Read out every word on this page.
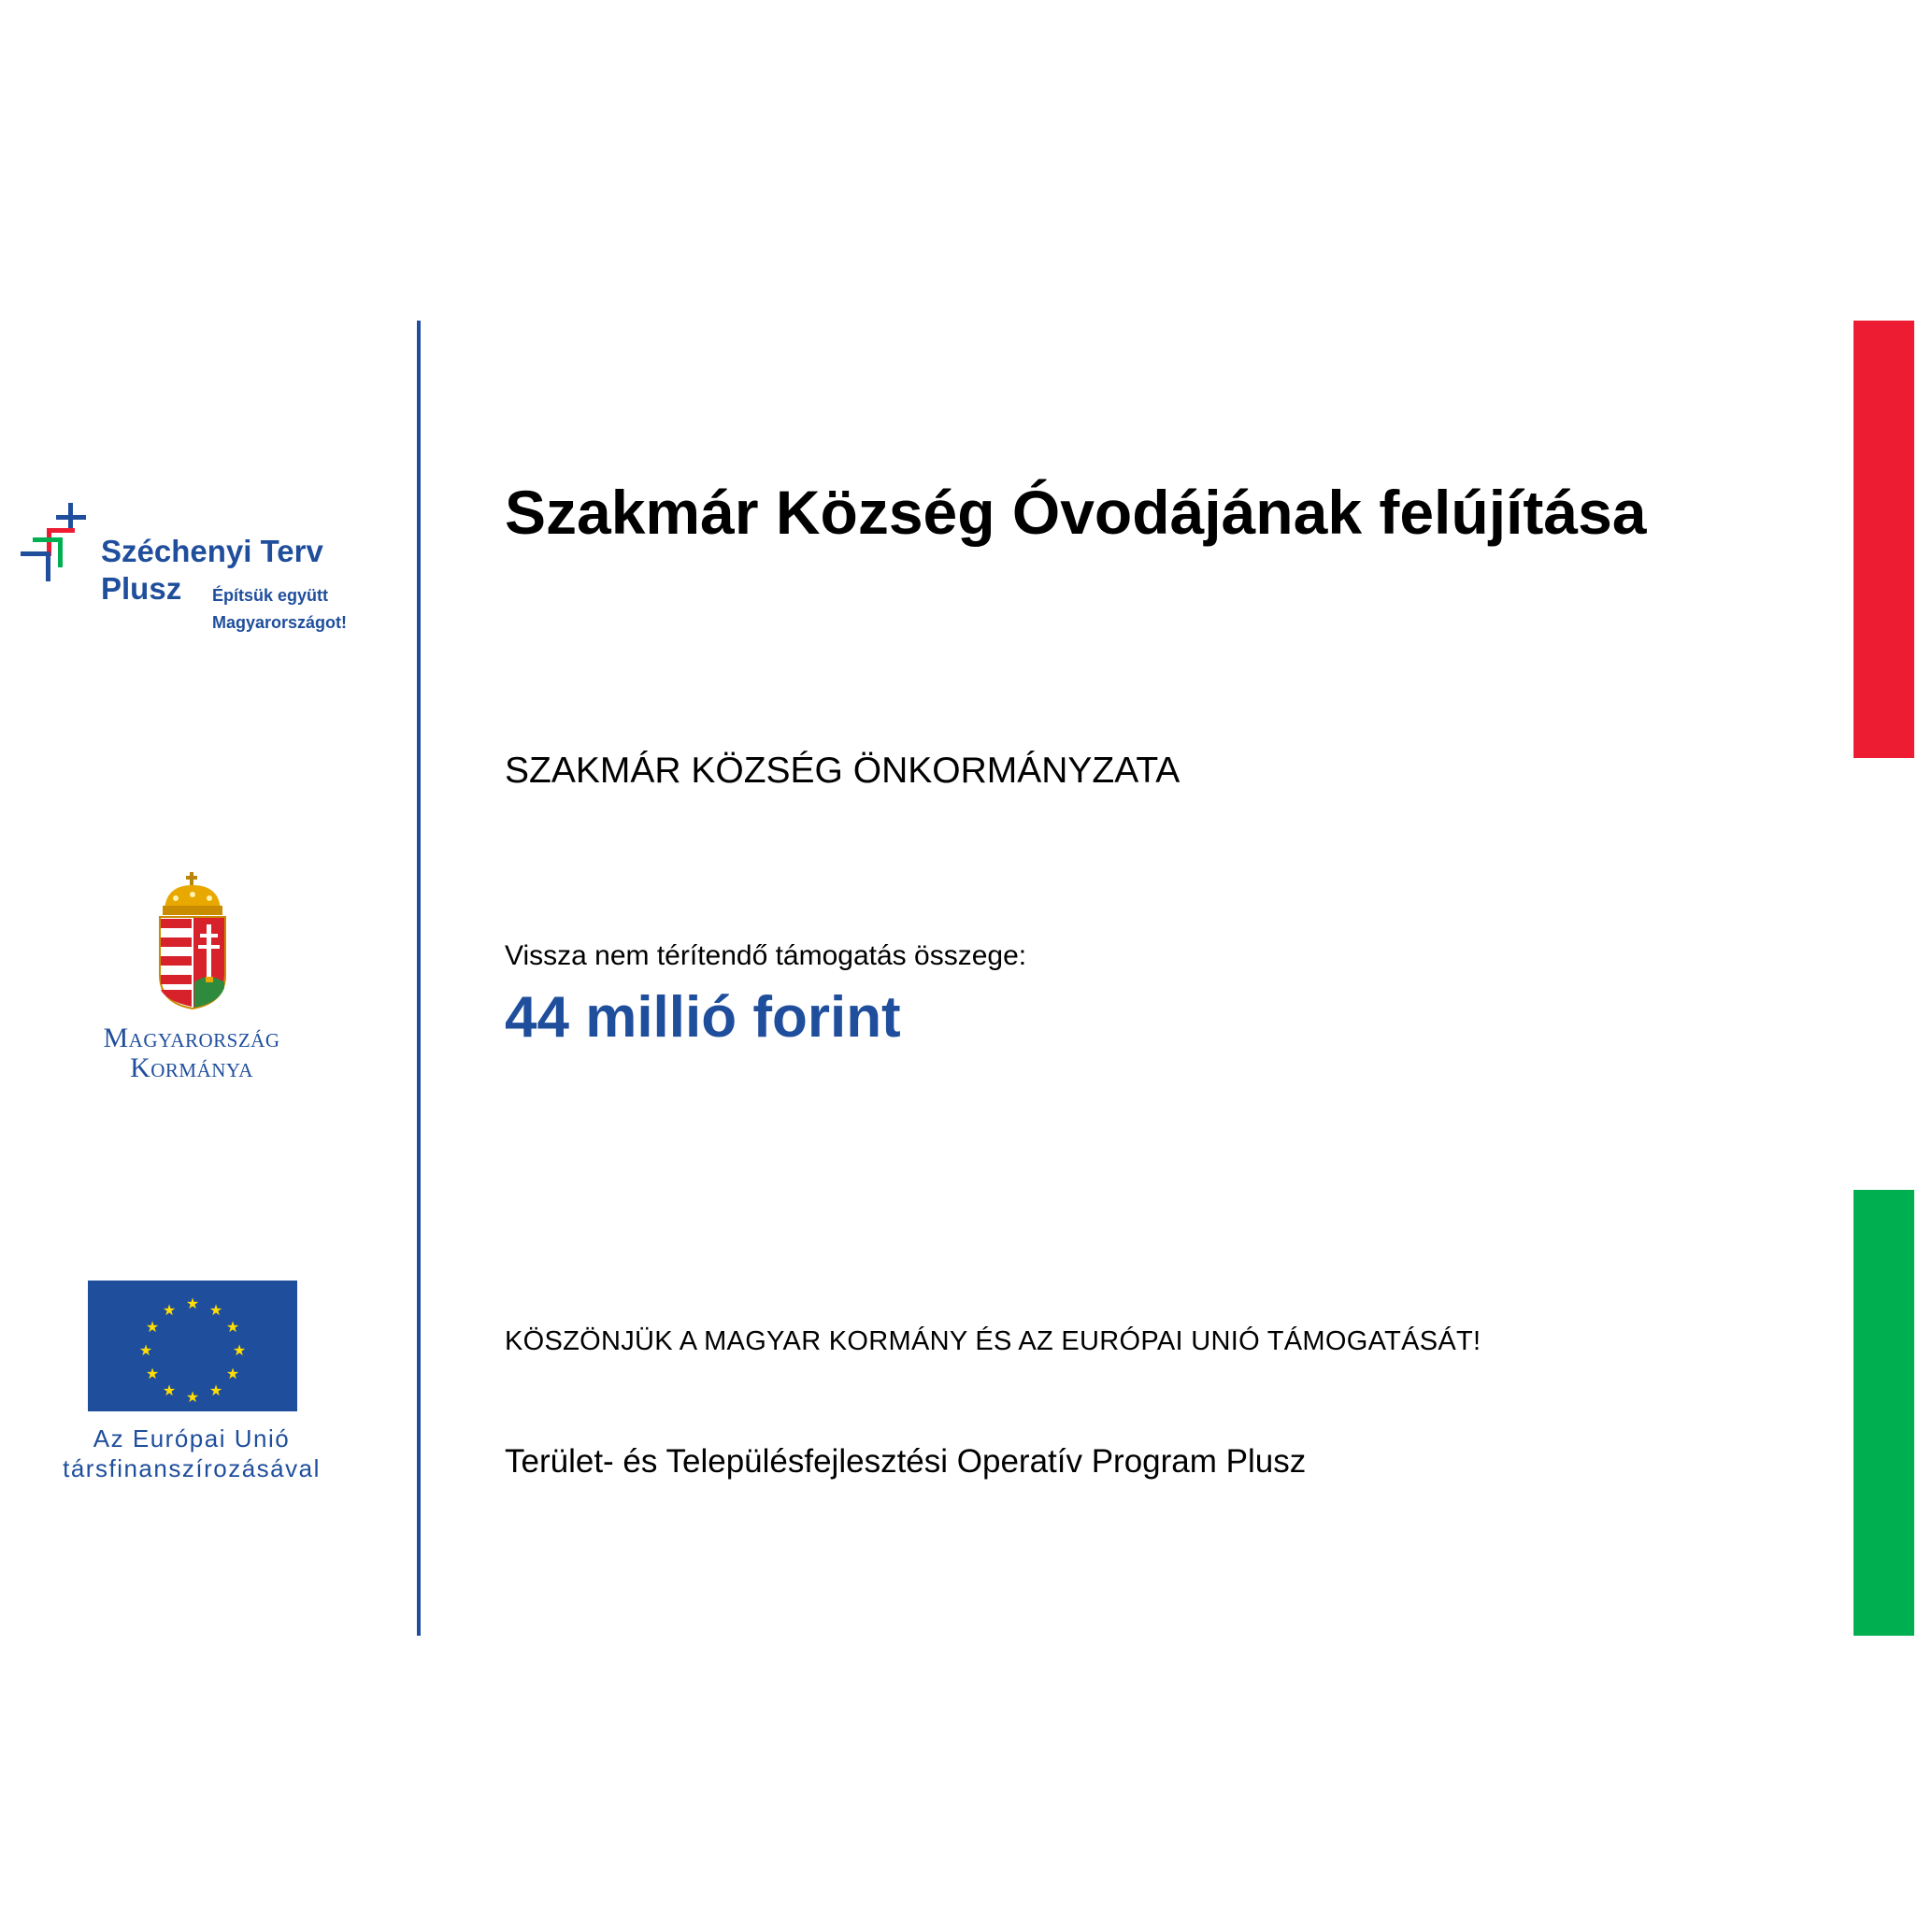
Széchenyi Terv
Plusz Építsük együtt
Magyarországot!
Magyarország
Kormánya
★ ★
★
★
★
★
★
★
★
★
★
★
Az Európai Unió
társfinanszírozásával
Szakmár Község Óvodájának felújítása
SZAKMÁR KÖZSÉG ÖNKORMÁNYZATA
Vissza nem térítendő támogatás összege:
44 millió forint
KÖSZÖNJÜK A MAGYAR KORMÁNY ÉS AZ EURÓPAI UNIÓ TÁMOGATÁSÁT!
Terület- és Településfejlesztési Operatív Program Plusz
